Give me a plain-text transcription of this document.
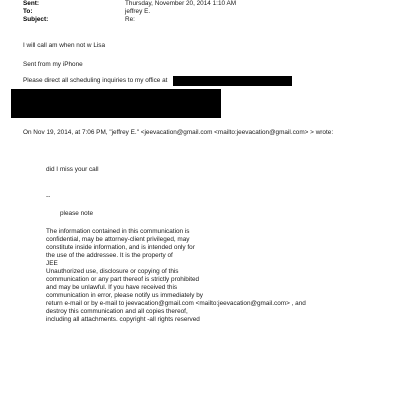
Sent:	Thursday, November 20, 2014 1:10 AM
To:	jeffrey E.
Subject:	Re:
I will call am when not w Lisa
Sent from my iPhone
Please direct all scheduling inquiries to my office at
On Nov 19, 2014, at 7:06 PM, "jeffrey E." <jeevacation@gmail.com <mailto:jeevacation@gmail.com> > wrote:
did I miss your call
--
please note
The information contained in this communication is
confidential, may be attorney-client privileged, may
constitute inside information, and is intended only for
the use of the addressee. It is the property of
JEE
Unauthorized use, disclosure or copying of this
communication or any part thereof is strictly prohibited
and may be unlawful. If you have received this
communication in error, please notify us immediately by
return e-mail or by e-mail to jeevacation@gmail.com <mailto:jeevacation@gmail.com> , and
destroy this communication and all copies thereof,
including all attachments. copyright -all rights reserved
